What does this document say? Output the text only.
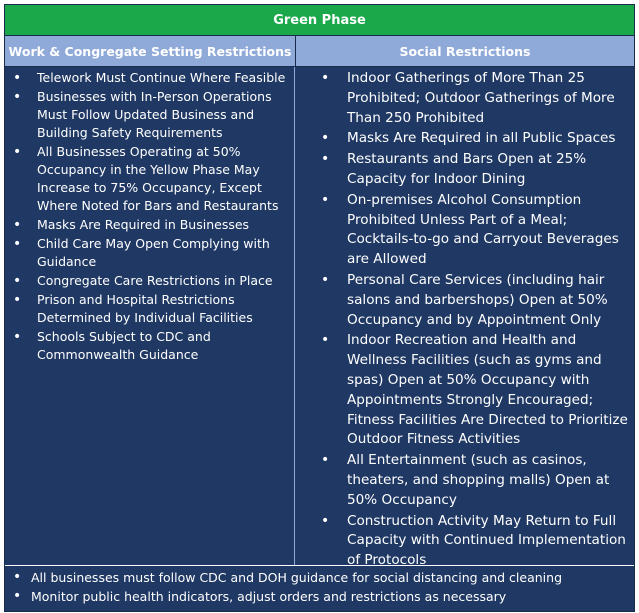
Green Phase
Work & Congregate Setting Restrictions	Social Restrictions
• Telework Must Continue Where Feasible
• Businesses with In-Person Operations Must Follow Updated Business and Building Safety Requirements
• All Businesses Operating at 50% Occupancy in the Yellow Phase May Increase to 75% Occupancy, Except Where Noted for Bars and Restaurants
• Masks Are Required in Businesses
• Child Care May Open Complying with Guidance
• Congregate Care Restrictions in Place
• Prison and Hospital Restrictions Determined by Individual Facilities
• Schools Subject to CDC and Commonwealth Guidance
• Indoor Gatherings of More Than 25 Prohibited; Outdoor Gatherings of More Than 250 Prohibited
• Masks Are Required in all Public Spaces
• Restaurants and Bars Open at 25% Capacity for Indoor Dining
• On-premises Alcohol Consumption Prohibited Unless Part of a Meal; Cocktails-to-go and Carryout Beverages are Allowed
• Personal Care Services (including hair salons and barbershops) Open at 50% Occupancy and by Appointment Only
• Indoor Recreation and Health and Wellness Facilities (such as gyms and spas) Open at 50% Occupancy with Appointments Strongly Encouraged; Fitness Facilities Are Directed to Prioritize Outdoor Fitness Activities
• All Entertainment (such as casinos, theaters, and shopping malls) Open at 50% Occupancy
• Construction Activity May Return to Full Capacity with Continued Implementation of Protocols
• All businesses must follow CDC and DOH guidance for social distancing and cleaning
• Monitor public health indicators, adjust orders and restrictions as necessary
